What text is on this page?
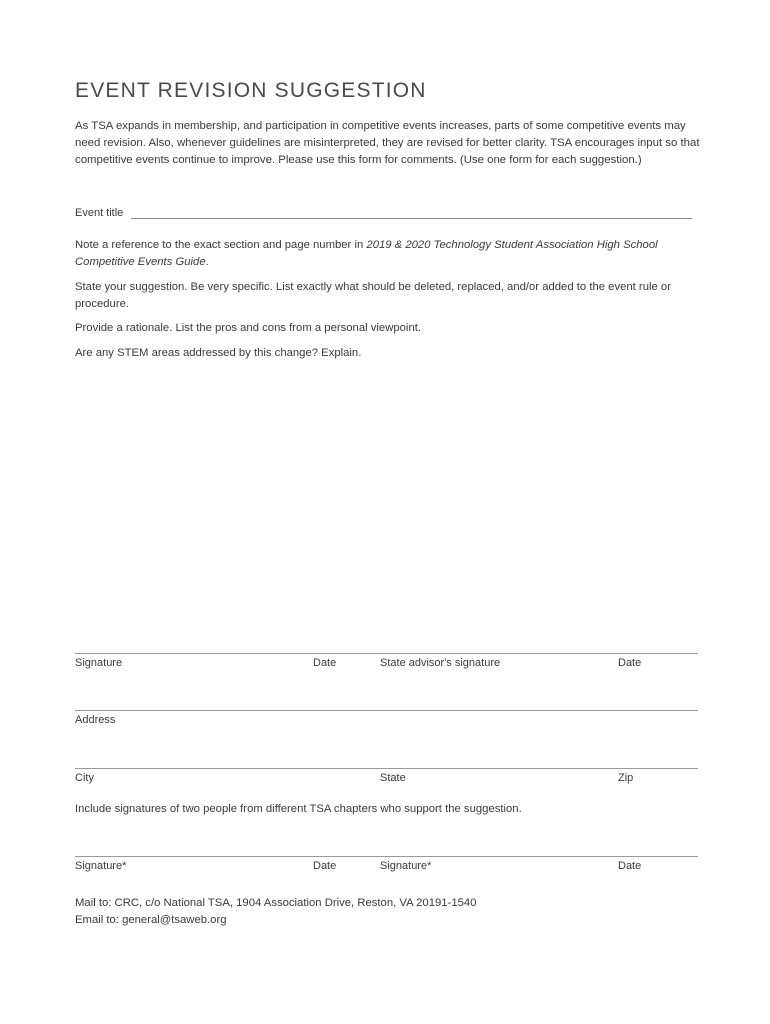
EVENT REVISION SUGGESTION

As TSA expands in membership, and participation in competitive events increases, parts of some competitive events may need revision. Also, whenever guidelines are misinterpreted, they are revised for better clarity. TSA encourages input so that competitive events continue to improve. Please use this form for comments. (Use one form for each suggestion.)

Event title

Note a reference to the exact section and page number in 2019 & 2020 Technology Student Association High School Competitive Events Guide.

State your suggestion. Be very specific. List exactly what should be deleted, replaced, and/or added to the event rule or procedure.

Provide a rationale. List the pros and cons from a personal viewpoint.

Are any STEM areas addressed by this change? Explain.

Signature	Date	State advisor's signature	Date
Address
City	State	Zip

Include signatures of two people from different TSA chapters who support the suggestion.

Signature*	Date	Signature*	Date
Mail to: CRC, c/o National TSA, 1904 Association Drive, Reston, VA 20191-1540
Email to: general@tsaweb.org
